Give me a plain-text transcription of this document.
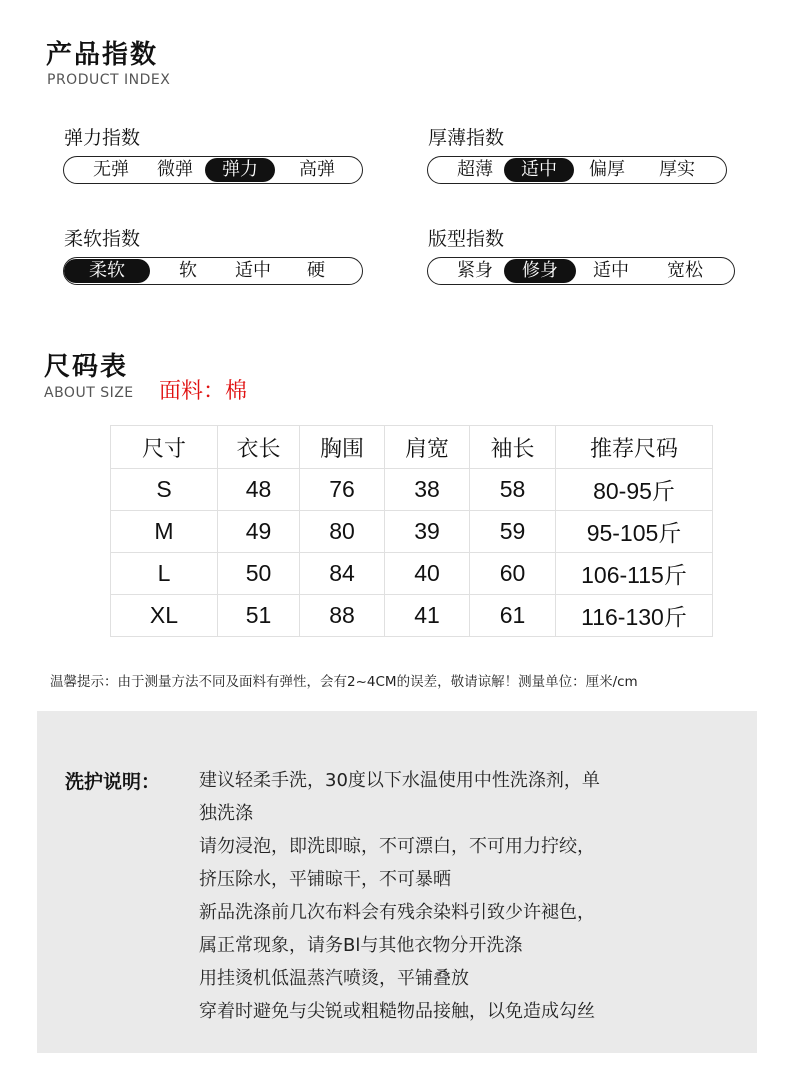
产品指数
PRODUCT INDEX
弹力指数
无弹	微弹	弹力	高弹
厚薄指数
超薄	适中	偏厚	厚实
柔软指数
柔软	软	适中	硬
版型指数
紧身	修身	适中	宽松
尺码表
ABOUT SIZE 面料：棉
尺寸	衣长	胸围	肩宽	袖长	推荐尺码
S	48	76	38	58	80-95斤
M	49	80	39	59	95-105斤
L	50	84	40	60	106-115斤
XL	51	88	41	61	116-130斤
温馨提示：由于测量方法不同及面料有弹性，会有2~4CM的误差，敬请谅解！测量单位：厘米/cm
洗护说明： 建议轻柔手洗，30度以下水温使用中性洗涤剂，单
独洗涤
请勿浸泡，即洗即晾，不可漂白，不可用力拧绞，
挤压除水，平铺晾干，不可暴晒
新品洗涤前几次布料会有残余染料引致少许褪色，
属正常现象，请务Bl与其他衣物分开洗涤
用挂烫机低温蒸汽喷烫，平铺叠放
穿着时避免与尖锐或粗糙物品接触，以免造成勾丝
